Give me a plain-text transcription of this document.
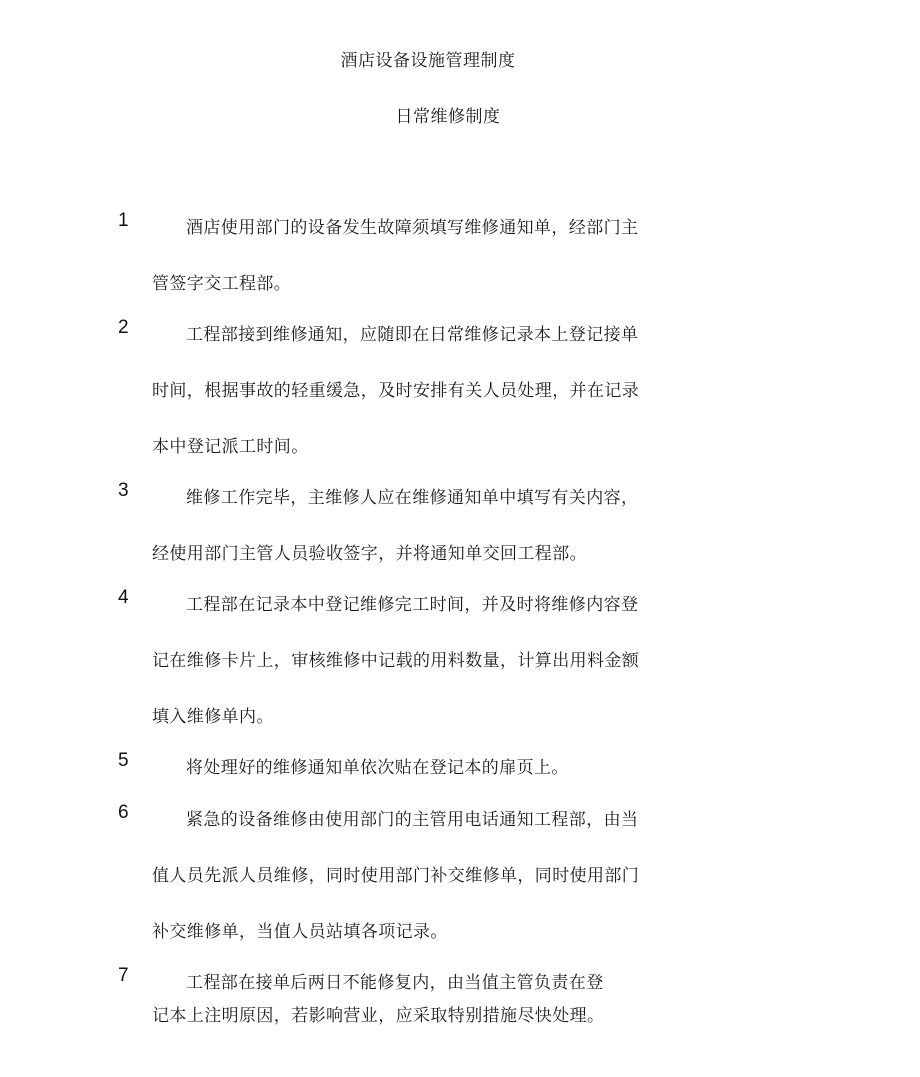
酒店设备设施管理制度
日常维修制度
1	酒店使用部门的设备发生故障须填写维修通知单，经部门主
管签字交工程部。
2	工程部接到维修通知，应随即在日常维修记录本上登记接单
时间，根据事故的轻重缓急，及时安排有关人员处理，并在记录
本中登记派工时间。
3	维修工作完毕，主维修人应在维修通知单中填写有关内容，
经使用部门主管人员验收签字，并将通知单交回工程部。
4	工程部在记录本中登记维修完工时间，并及时将维修内容登
记在维修卡片上，审核维修中记载的用料数量，计算出用料金额
填入维修单内。
5	将处理好的维修通知单依次贴在登记本的扉页上。
6	紧急的设备维修由使用部门的主管用电话通知工程部，由当
值人员先派人员维修，同时使用部门补交维修单，同时使用部门
补交维修单，当值人员站填各项记录。
7	工程部在接单后两日不能修复内，由当值主管负责在登
记本上注明原因，若影响营业，应采取特别措施尽快处理。
